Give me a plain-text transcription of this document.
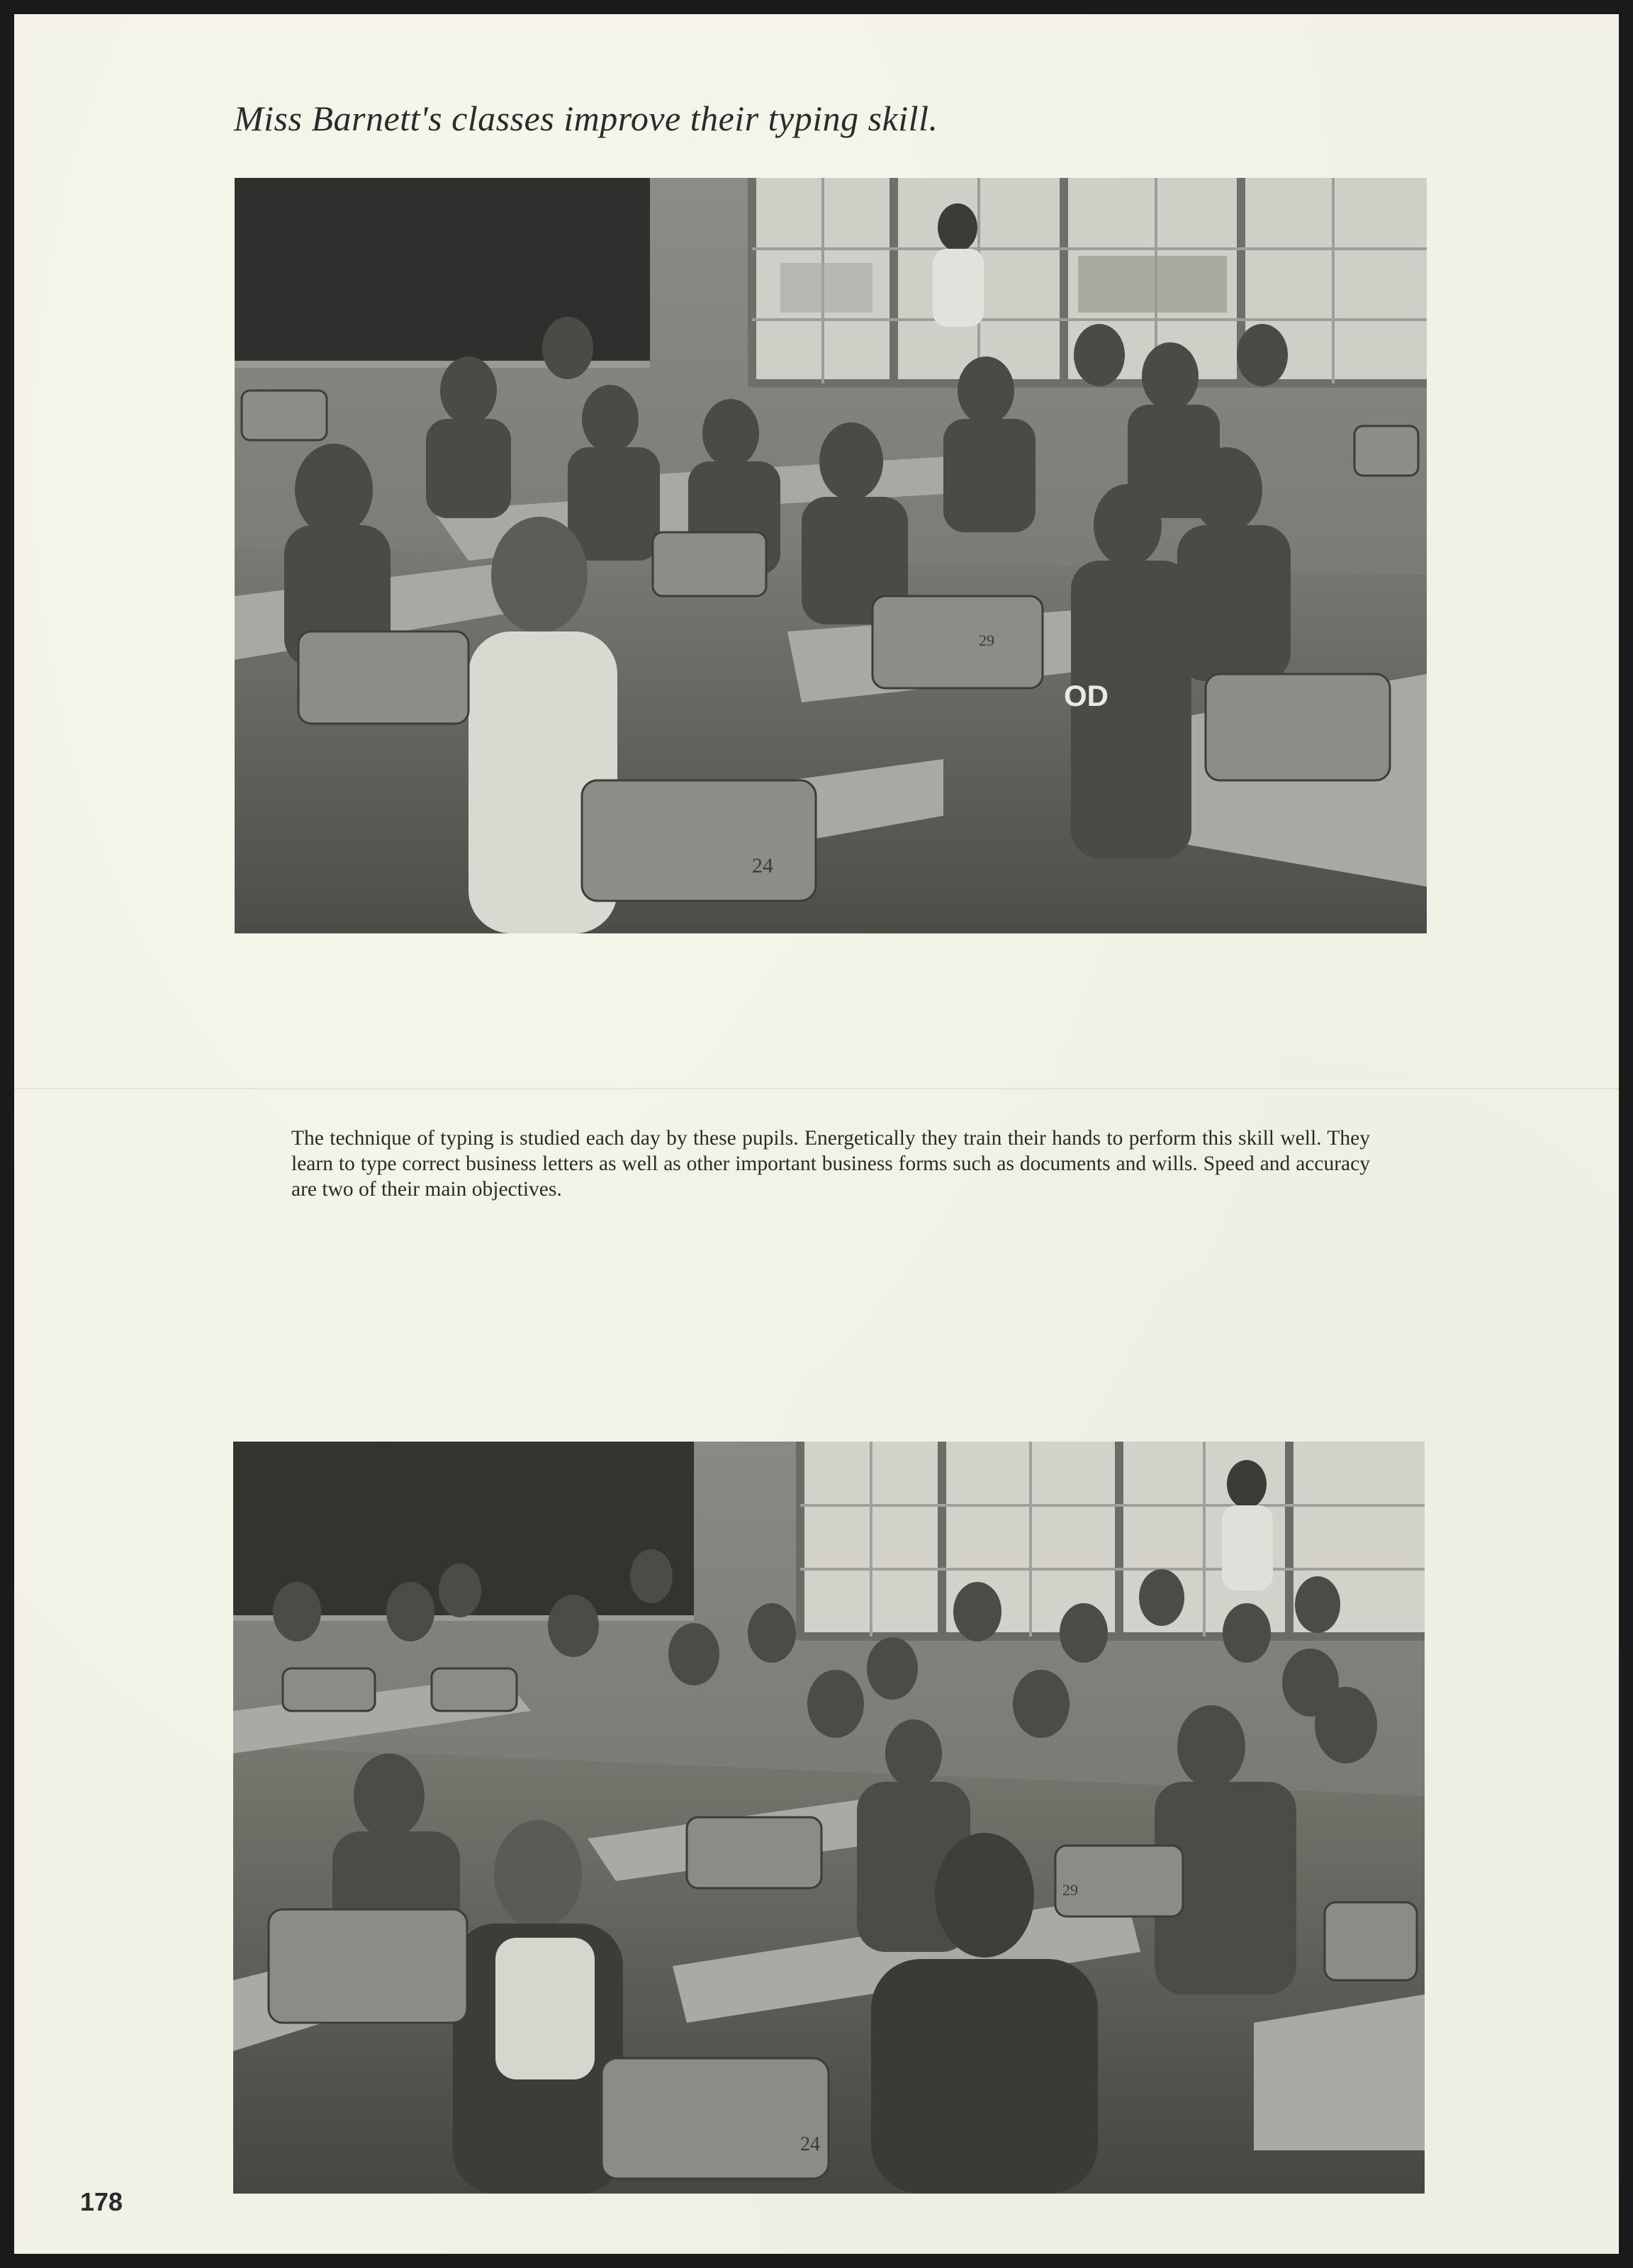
Miss Barnett's classes improve their typing skill.
24
29
OD

The technique of typing is studied each day by these pupils. Energetically they train their hands to perform this skill well. They learn to type correct business letters as well as other important business forms such as documents and wills. Speed and accuracy are two of their main objectives.

24
29
178
